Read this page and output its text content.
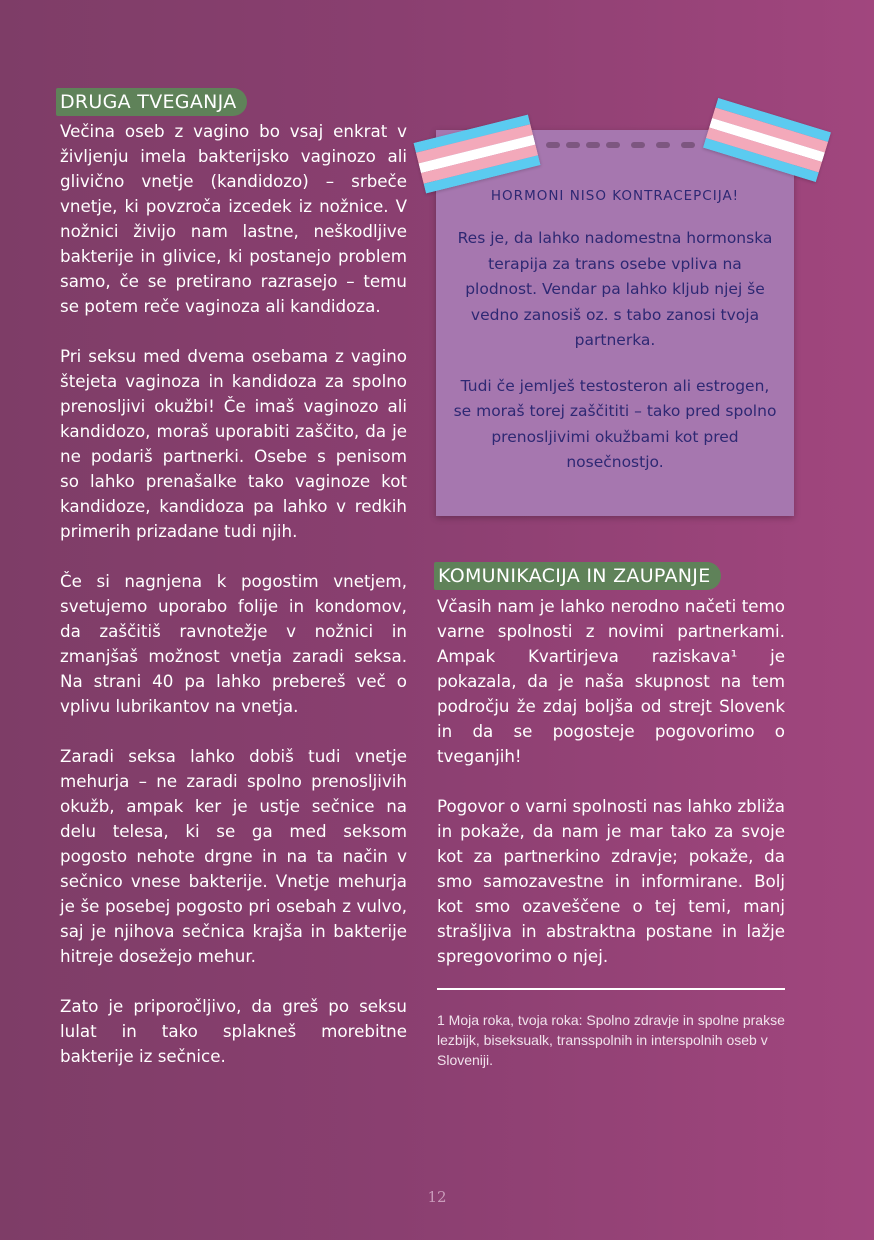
DRUGA TVEGANJA

Večina oseb z vagino bo vsaj enkrat v življenju imela bakterijsko vaginozo ali glivično vnetje (kandidozo) – srbeče vnetje, ki povzroča izcedek iz nožnice. V nožnici živijo nam lastne, neškodljive bakterije in glivice, ki postanejo problem samo, če se pretirano razrasejo – temu se potem reče vaginoza ali kandidoza.

Pri seksu med dvema osebama z vagino štejeta vaginoza in kandidoza za spolno prenosljivi okužbi! Če imaš vaginozo ali kandidozo, moraš uporabiti zaščito, da je ne podariš partnerki. Osebe s penisom so lahko prenašalke tako vaginoze kot kandidoze, kandidoza pa lahko v redkih primerih prizadane tudi njih.

Če si nagnjena k pogostim vnetjem, svetujemo uporabo folije in kondomov, da zaščitiš ravnotežje v nožnici in zmanjšaš možnost vnetja zaradi seksa. Na strani 40 pa lahko prebereš več o vplivu lubrikantov na vnetja.

Zaradi seksa lahko dobiš tudi vnetje mehurja – ne zaradi spolno prenosljivih okužb, ampak ker je ustje sečnice na delu telesa, ki se ga med seksom pogosto nehote drgne in na ta način v sečnico vnese bakterije. Vnetje mehurja je še posebej pogosto pri osebah z vulvo, saj je njihova sečnica krajša in bakterije hitreje dosežejo mehur.

Zato je priporočljivo, da greš po seksu lulat in tako splakneš morebitne bakterije iz sečnice.

HORMONI NISO KONTRACEPCIJA!

Res je, da lahko nadomestna hormonska terapija za trans osebe vpliva na plodnost. Vendar pa lahko kljub njej še vedno zanosiš oz. s tabo zanosi tvoja partnerka.

Tudi če jemlješ testosteron ali estrogen, se moraš torej zaščititi – tako pred spolno prenosljivimi okužbami kot pred nosečnostjo.

KOMUNIKACIJA IN ZAUPANJE

Včasih nam je lahko nerodno načeti temo varne spolnosti z novimi partnerkami. Ampak Kvartirjeva raziskava¹ je pokazala, da je naša skupnost na tem področju že zdaj boljša od strejt Slovenk in da se pogosteje pogovorimo o tveganjih!

Pogovor o varni spolnosti nas lahko zbliža in pokaže, da nam je mar tako za svoje kot za partnerkino zdravje; pokaže, da smo samozavestne in informirane. Bolj kot smo ozaveščene o tej temi, manj strašljiva in abstraktna postane in lažje spregovorimo o njej.

1 Moja roka, tvoja roka: Spolno zdravje in spolne prakse lezbijk, biseksualk, transspolnih in interspolnih oseb v Sloveniji.
12
